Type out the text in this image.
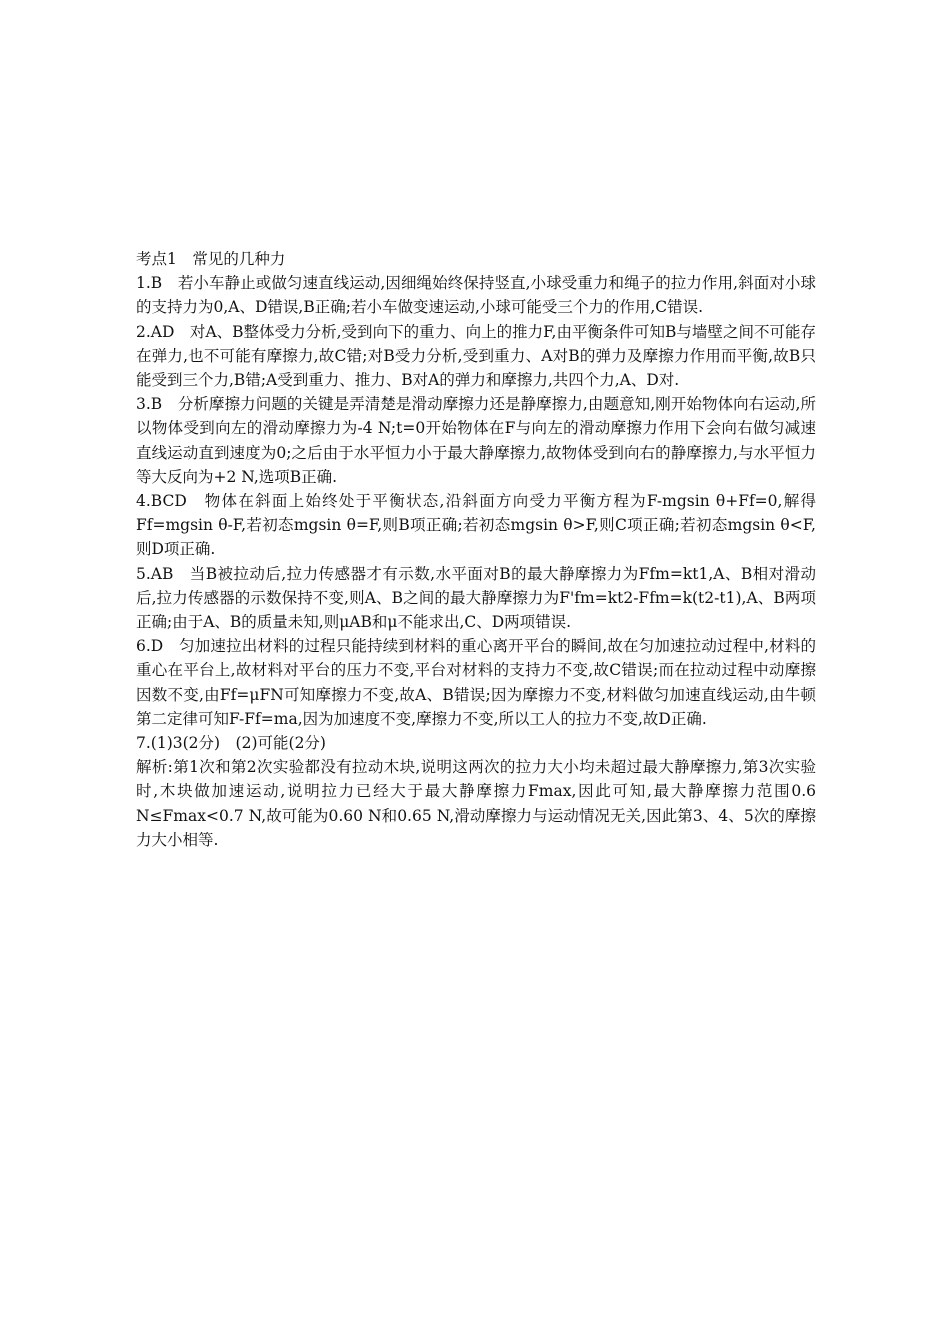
考点1　常见的几种力

1.B　若小车静止或做匀速直线运动,因细绳始终保持竖直,小球受重力和绳子的拉力作用,斜面对小球的支持力为0,A、D错误,B正确;若小车做变速运动,小球可能受三个力的作用,C错误.

2.AD　对A、B整体受力分析,受到向下的重力、向上的推力F,由平衡条件可知B与墙壁之间不可能存在弹力,也不可能有摩擦力,故C错;对B受力分析,受到重力、A对B的弹力及摩擦力作用而平衡,故B只能受到三个力,B错;A受到重力、推力、B对A的弹力和摩擦力,共四个力,A、D对.

3.B　分析摩擦力问题的关键是弄清楚是滑动摩擦力还是静摩擦力,由题意知,刚开始物体向右运动,所以物体受到向左的滑动摩擦力为-4 N;t=0开始物体在F与向左的滑动摩擦力作用下会向右做匀减速直线运动直到速度为0;之后由于水平恒力小于最大静摩擦力,故物体受到向右的静摩擦力,与水平恒力等大反向为+2 N,选项B正确.

4.BCD　物体在斜面上始终处于平衡状态,沿斜面方向受力平衡方程为F-mgsin θ+Ff=0,解得Ff=mgsin θ-F,若初态mgsin θ=F,则B项正确;若初态mgsin θ>F,则C项正确;若初态mgsin θ<F,则D项正确.

5.AB　当B被拉动后,拉力传感器才有示数,水平面对B的最大静摩擦力为Ffm=kt1,A、B相对滑动后,拉力传感器的示数保持不变,则A、B之间的最大静摩擦力为F'fm=kt2-Ffm=k(t2-t1),A、B两项正确;由于A、B的质量未知,则μAB和μ不能求出,C、D两项错误.

6.D　匀加速拉出材料的过程只能持续到材料的重心离开平台的瞬间,故在匀加速拉动过程中,材料的重心在平台上,故材料对平台的压力不变,平台对材料的支持力不变,故C错误;而在拉动过程中动摩擦因数不变,由Ff=μFN可知摩擦力不变,故A、B错误;因为摩擦力不变,材料做匀加速直线运动,由牛顿第二定律可知F-Ff=ma,因为加速度不变,摩擦力不变,所以工人的拉力不变,故D正确.

7.(1)3(2分)　(2)可能(2分)

解析:第1次和第2次实验都没有拉动木块,说明这两次的拉力大小均未超过最大静摩擦力,第3次实验时,木块做加速运动,说明拉力已经大于最大静摩擦力Fmax,因此可知,最大静摩擦力范围0.6 N≤Fmax<0.7 N,故可能为0.60 N和0.65 N,滑动摩擦力与运动情况无关,因此第3、4、5次的摩擦力大小相等.
